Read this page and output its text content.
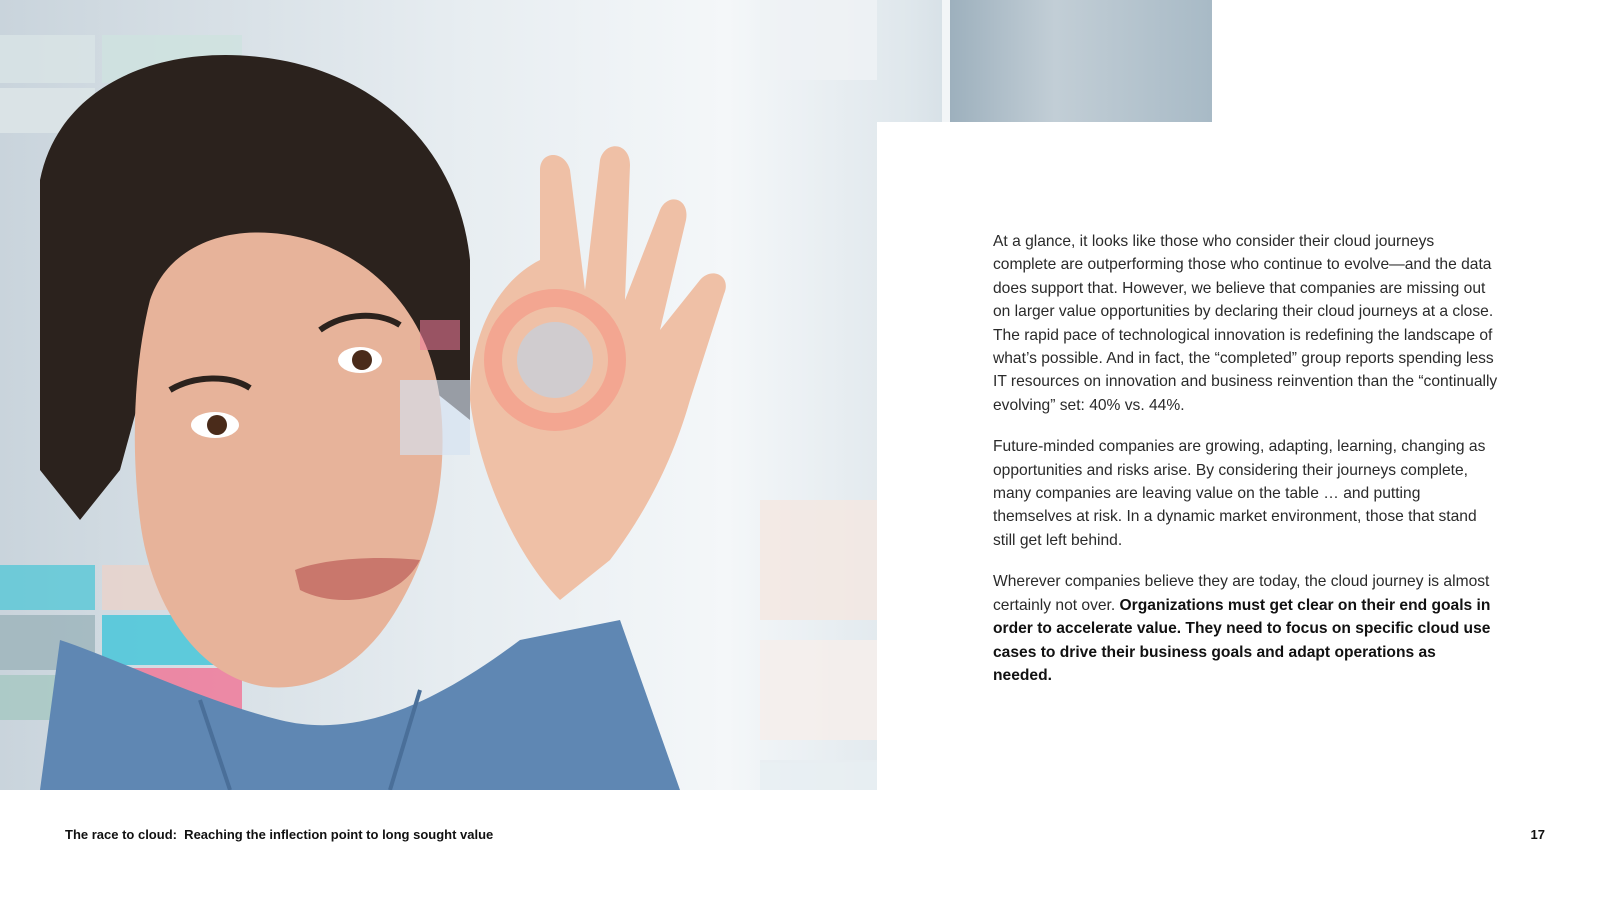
At a glance, it looks like those who consider their cloud journeys complete are outperforming those who continue to evolve—and the data does support that. However, we believe that companies are missing out on larger value opportunities by declaring their cloud journeys at a close. The rapid pace of technological innovation is redefining the landscape of what’s possible. And in fact, the “completed” group reports spending less IT resources on innovation and business reinvention than the “continually evolving” set: 40% vs. 44%.

Future-minded companies are growing, adapting, learning, changing as opportunities and risks arise. By considering their journeys complete, many companies are leaving value on the table … and putting themselves at risk. In a dynamic market environment, those that stand still get left behind.

Wherever companies believe they are today, the cloud journey is almost certainly not over. Organizations must get clear on their end goals in order to accelerate value. They need to focus on specific cloud use cases to drive their business goals and adapt operations as needed.

The race to cloud:  Reaching the inflection point to long sought value	17
